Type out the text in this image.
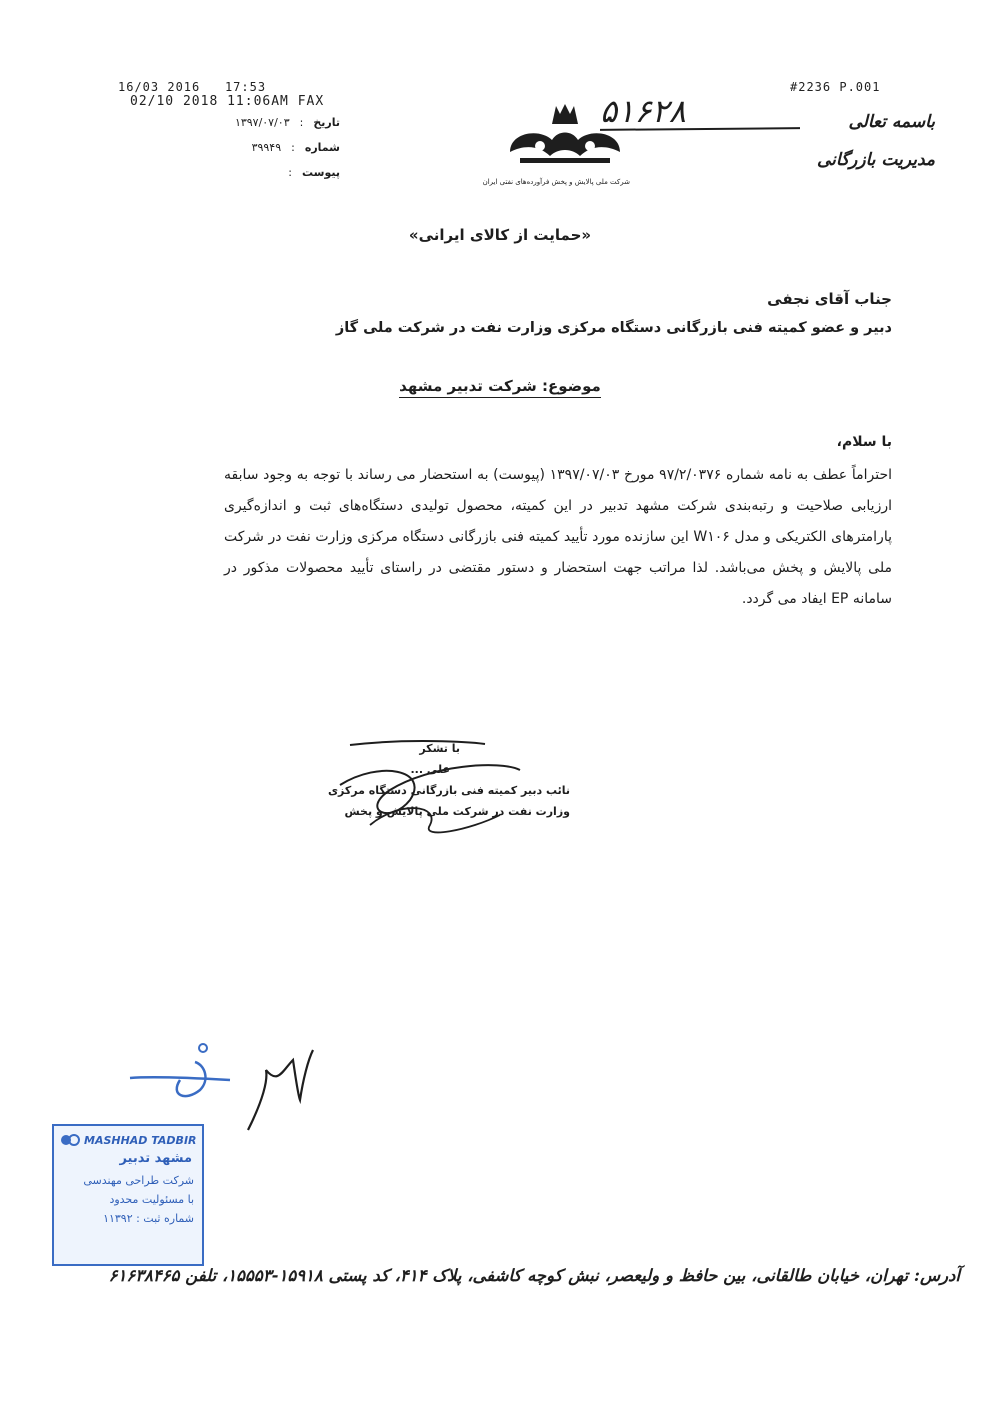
16/03 2016 17:53
02/10 2018 11:06AM FAX
#2236 P.001
۵۱۶۲۸	باسمه تعالی
مدیریت بازرگانی
شرکت ملی پالایش و پخش فرآورده‌های نفتی ایران
تاریخ
:
۱۳۹۷/۰۷/۰۳
شماره
:
۳۹۹۴۹
پیوست
:
«حمایت از کالای ایرانی»
جناب آقای نجفی
دبیر و عضو کمیته فنی بازرگانی دستگاه مرکزی وزارت نفت در شرکت ملی گاز
موضوع: شرکت تدبیر مشهد
با سلام،
احتراماً عطف به نامه شماره ۹۷/۲/۰۳۷۶ مورخ ۱۳۹۷/۰۷/۰۳ (پیوست) به استحضار می رساند با توجه به وجود سابقه ارزیابی صلاحیت و رتبه‌بندی شرکت مشهد تدبیر در این کمیته، محصول تولیدی دستگاه‌های ثبت و اندازه‌گیری پارامترهای الکتریکی و مدل W۱۰۶ این سازنده مورد تأیید کمیته فنی بازرگانی دستگاه مرکزی وزارت نفت در شرکت ملی پالایش و پخش می‌باشد. لذا مراتب جهت استحضار و دستور مقتضی در راستای تأیید محصولات مذکور در سامانه EP ایفاد می گردد.
با تشکر
علی ...
نائب دبیر کمیته فنی بازرگانی دستگاه مرکزی
وزارت نفت در شرکت ملی پالایش و پخش
MASHHAD TADBIR
مشهد تدبیر
شرکت طراحی مهندسی
با مسئولیت محدود
شماره ثبت : ۱۱۳۹۲
آدرس: تهران، خیابان طالقانی، بین حافظ و ولیعصر، نبش کوچه کاشفی، پلاک ۴۱۴، کد پستی ۱۵۹۱۸-۱۵۵۵۳، تلفن ۶۱۶۳۸۴۶۵
